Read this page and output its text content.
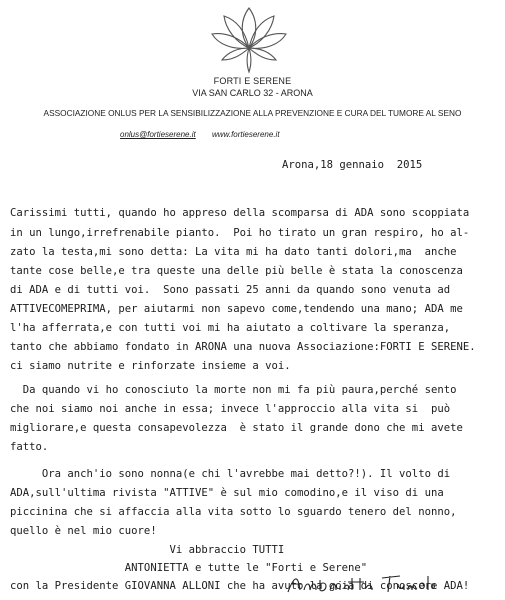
FORTI E SERENE
VIA SAN CARLO 32 - ARONA
ASSOCIAZIONE ONLUS PER LA SENSIBILIZZAZIONE ALLA PREVENZIONE E CURA DEL TUMORE AL SENO
onlus@fortieserene.it www.fortieserene.it
Arona,18 gennaio  2015
Carissimi tutti, quando ho appreso della scomparsa di ADA sono scoppiata
in un lungo,irrefrenabile pianto.  Poi ho tirato un gran respiro, ho al-
zato la testa,mi sono detta: La vita mi ha dato tanti dolori,ma  anche
tante cose belle,e tra queste una delle più belle è stata la conoscenza
di ADA e di tutti voi.  Sono passati 25 anni da quando sono venuta ad
ATTIVECOMEPRIMA, per aiutarmi non sapevo come,tendendo una mano; ADA me
l'ha afferrata,e con tutti voi mi ha aiutato a coltivare la speranza,
tanto che abbiamo fondato in ARONA una nuova Associazione:FORTI E SERENE.
ci siamo nutrite e rinforzate insieme a voi.
Da quando vi ho conosciuto la morte non mi fa più paura,perché sento
che noi siamo noi anche in essa; invece l'approccio alla vita si  può
migliorare,e questa consapevolezza  è stato il grande dono che mi avete
fatto.
Ora anch'io sono nonna(e chi l'avrebbe mai detto?!). Il volto di
ADA,sull'ultima rivista "ATTIVE" è sul mio comodino,e il viso di una
piccinina che si affaccia alla vita sotto lo sguardo tenero del nonno,
quello è nel mio cuore!
Vi abbraccio TUTTI
ANTONIETTA e tutte le "Forti e Serene"
con la Presidente GIOVANNA ALLONI che ha avuto la goia di conoscere ADA!
